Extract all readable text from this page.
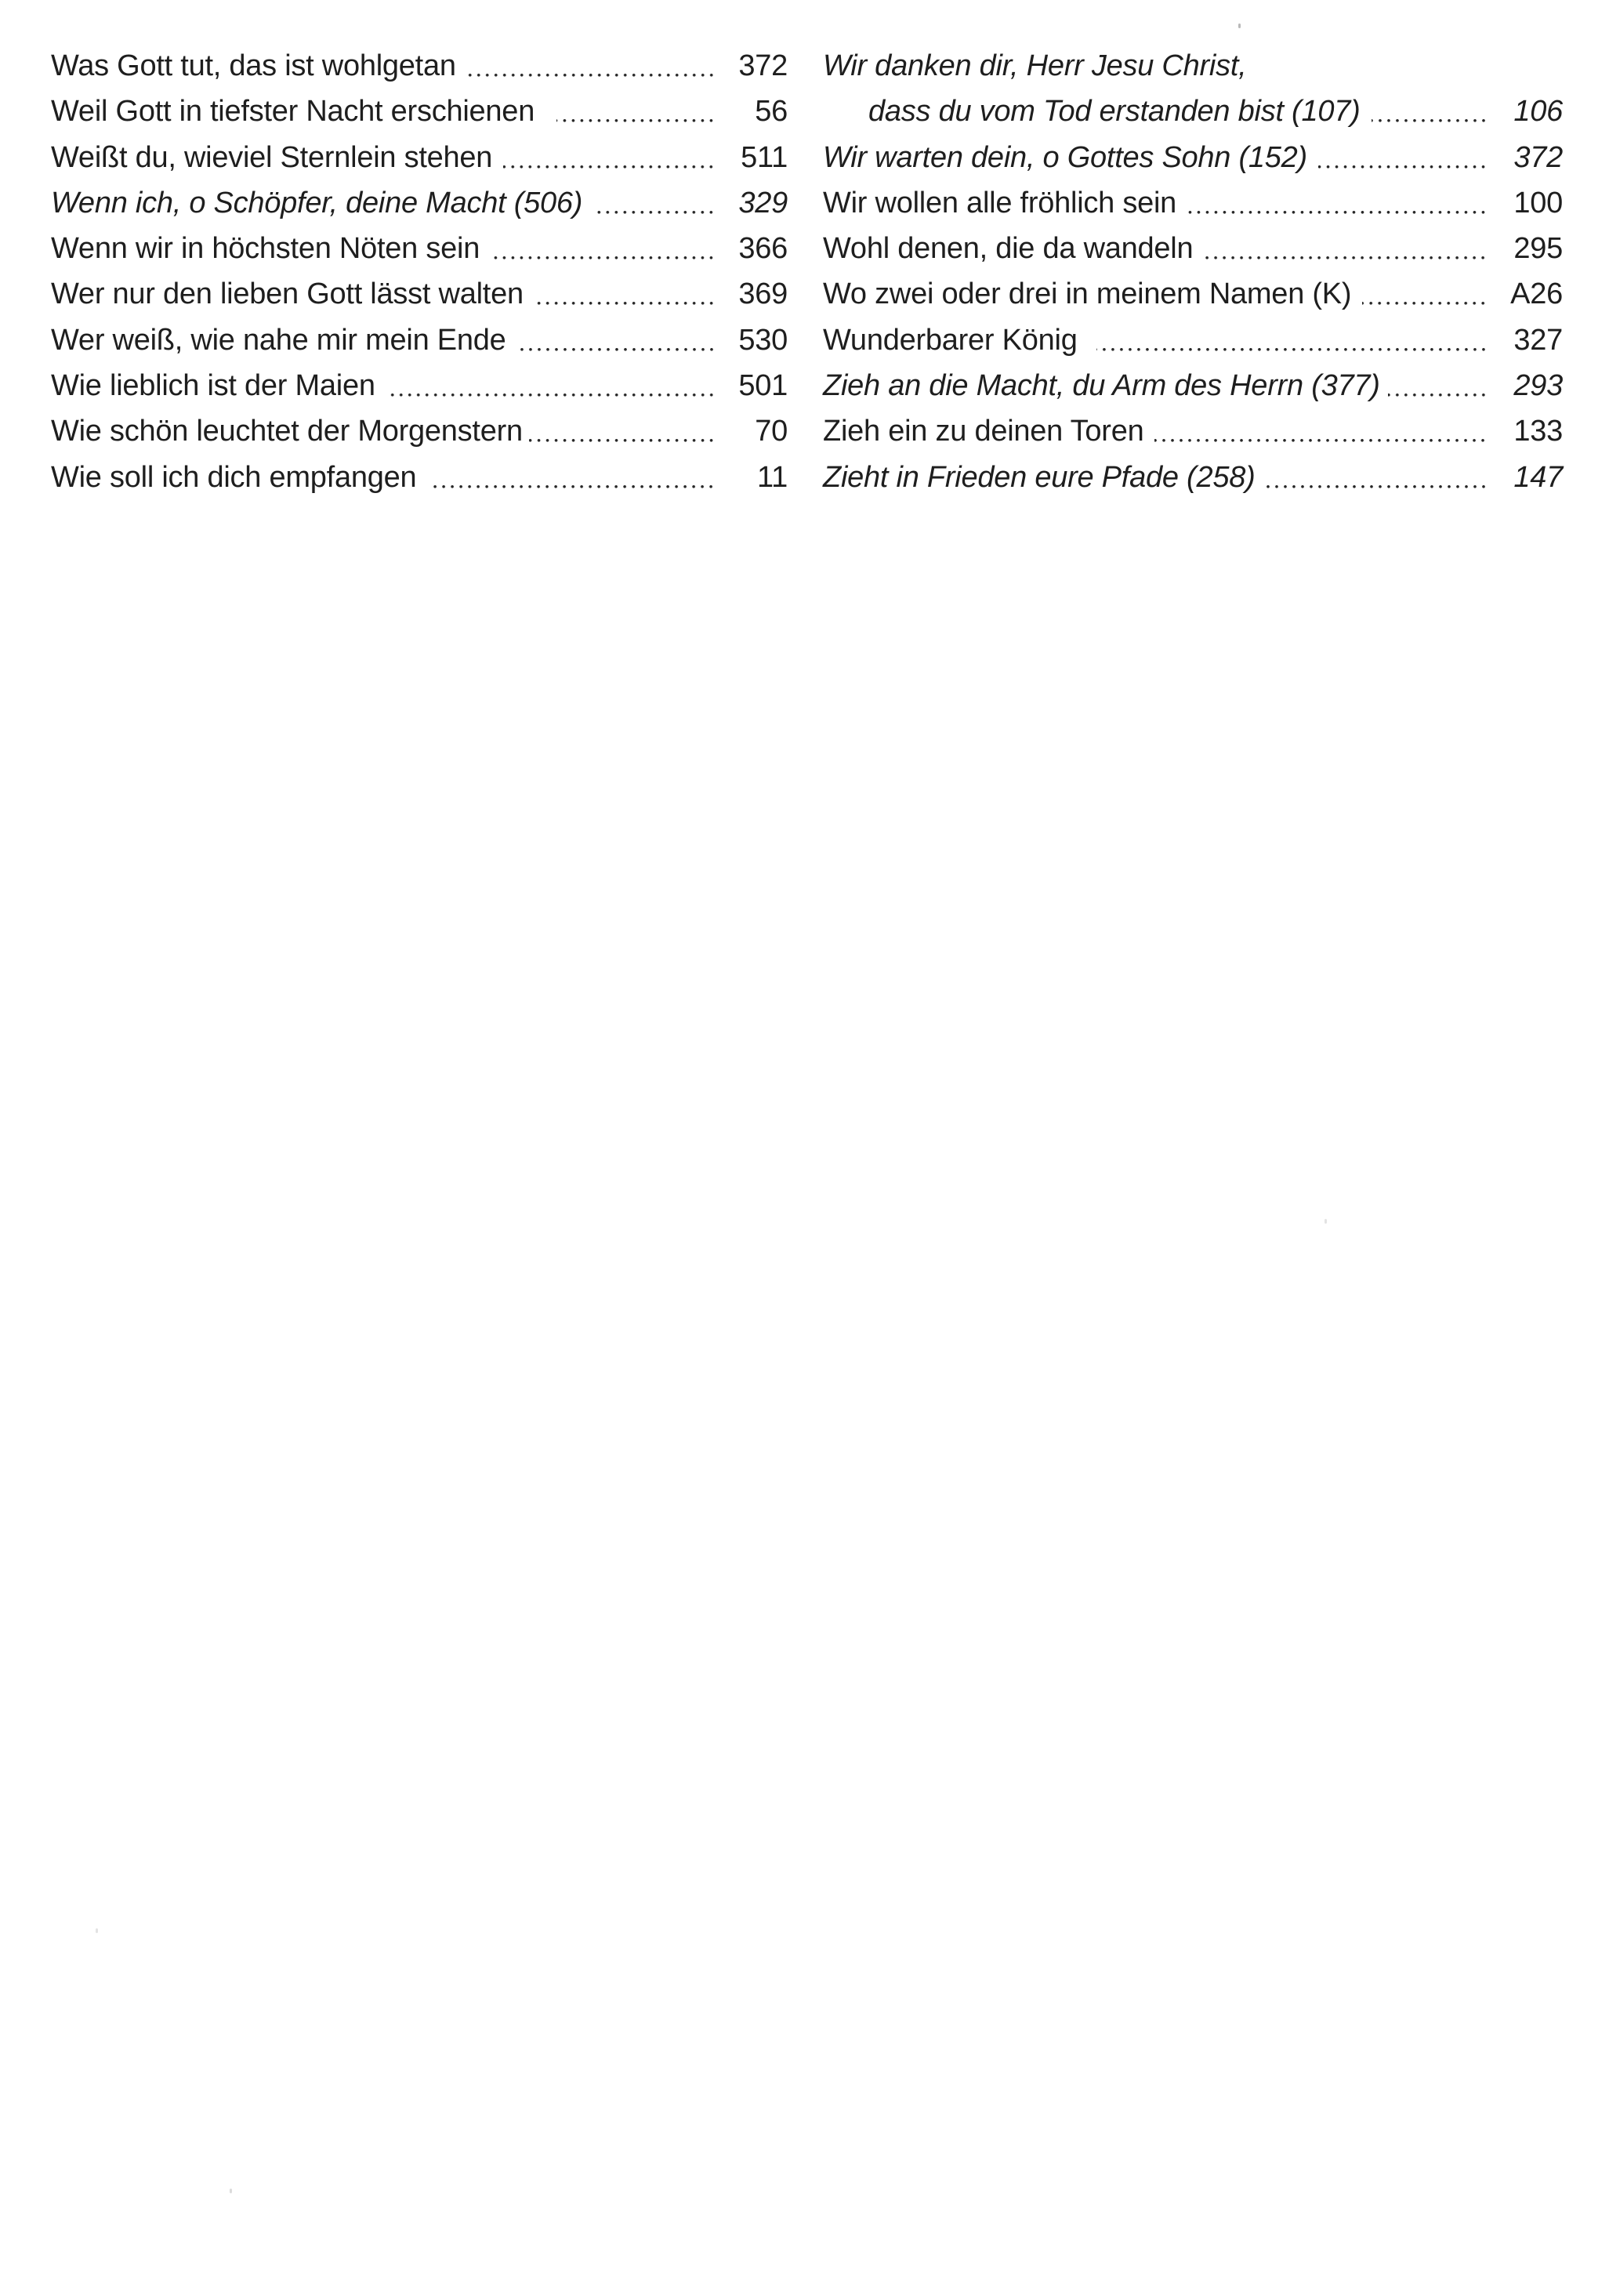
Was Gott tut, das ist wohlgetan	372
Weil Gott in tiefster Nacht erschienen	56
Weißt du, wieviel Sternlein stehen	511
Wenn ich, o Schöpfer, deine Macht (506)	329
Wenn wir in höchsten Nöten sein	366
Wer nur den lieben Gott lässt walten	369
Wer weiß, wie nahe mir mein Ende	530
Wie lieblich ist der Maien	501
Wie schön leuchtet der Morgenstern	70
Wie soll ich dich empfangen	11
Wir danken dir, Herr Jesu Christ,
dass du vom Tod erstanden bist (107)	106
Wir warten dein, o Gottes Sohn (152)	372
Wir wollen alle fröhlich sein	100
Wohl denen, die da wandeln	295
Wo zwei oder drei in meinem Namen (K)	A26
Wunderbarer König	327
Zieh an die Macht, du Arm des Herrn (377)	293
Zieh ein zu deinen Toren	133
Zieht in Frieden eure Pfade (258)	147
